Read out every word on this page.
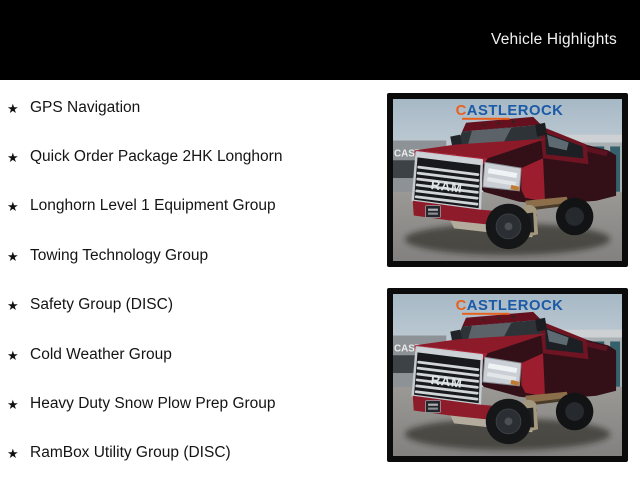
Vehicle Highlights
★ GPS Navigation
★ Quick Order Package 2HK Longhorn
★ Longhorn Level 1 Equipment Group
★ Towing Technology Group
★ Safety Group (DISC)
★ Cold Weather Group
★ Heavy Duty Snow Plow Prep Group
★ RamBox Utility Group (DISC)
